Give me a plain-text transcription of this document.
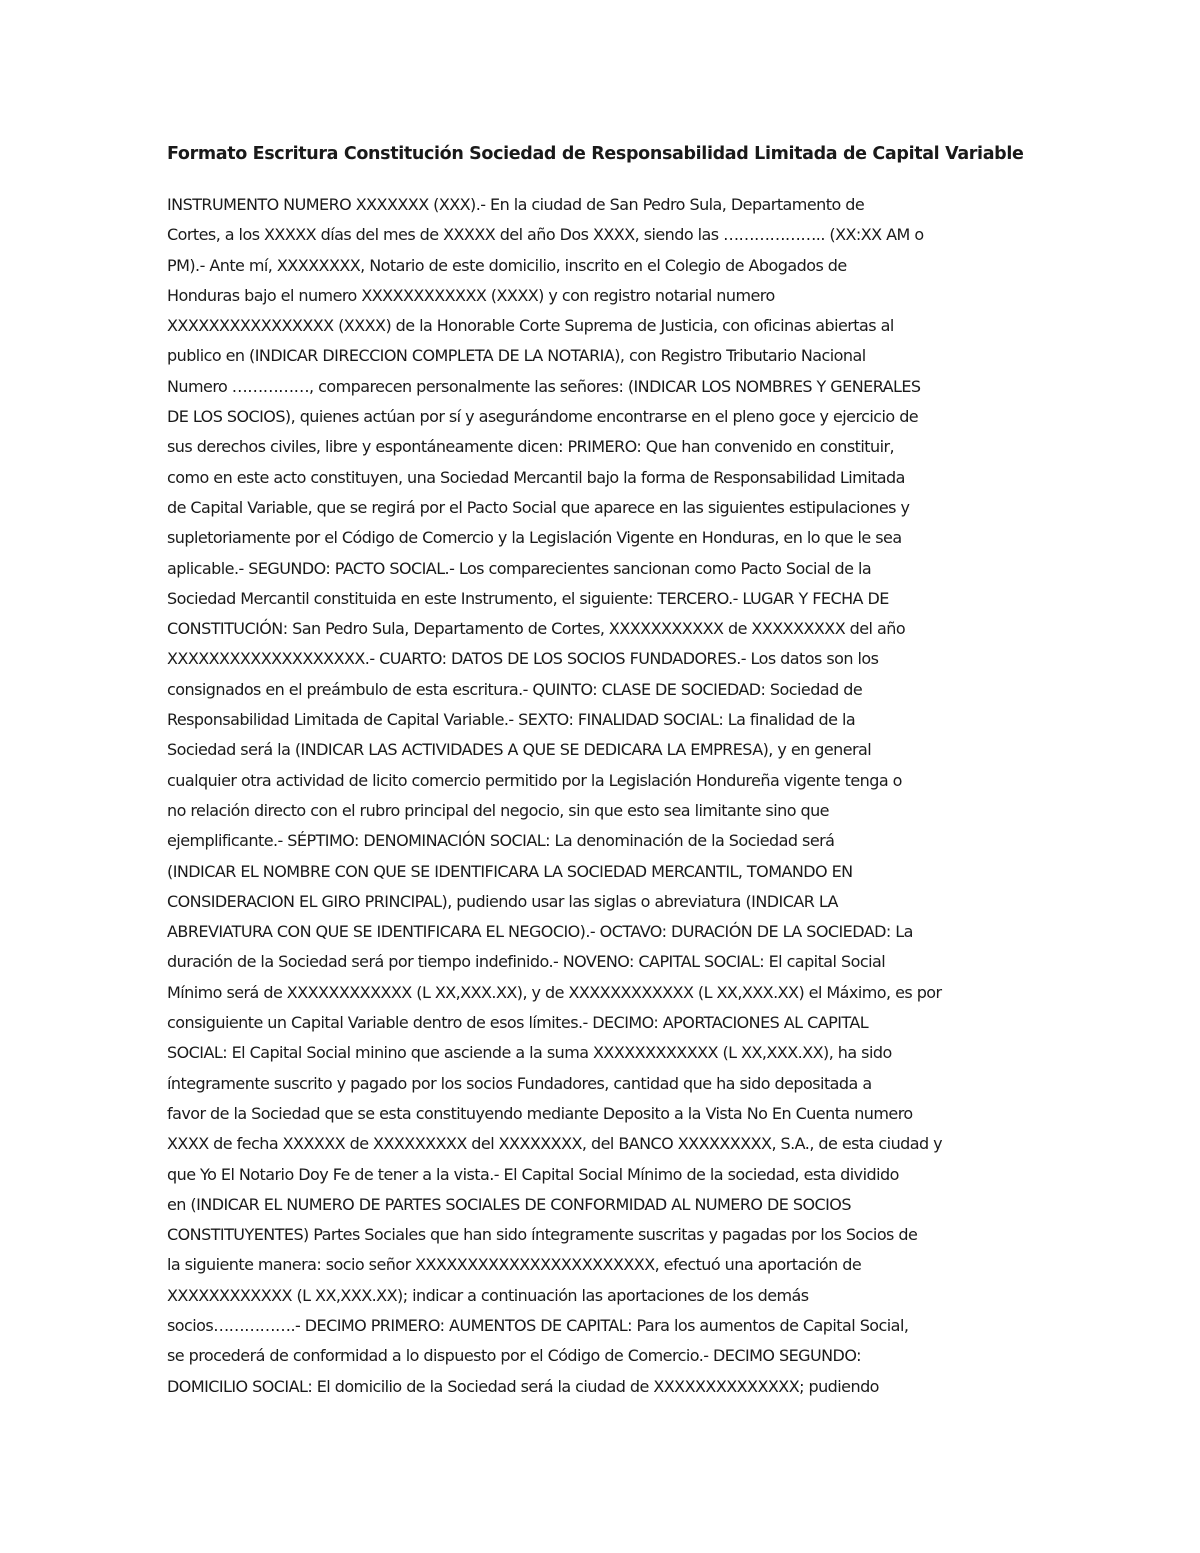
Formato Escritura Constitución Sociedad de Responsabilidad Limitada de Capital Variable
INSTRUMENTO NUMERO XXXXXXX (XXX).- En la ciudad de San Pedro Sula, Departamento de
Cortes, a los XXXXX días del mes de XXXXX del año Dos XXXX, siendo las ……………….. (XX:XX AM o
PM).- Ante mí, XXXXXXXX, Notario de este domicilio, inscrito en el Colegio de Abogados de
Honduras bajo el numero XXXXXXXXXXXX (XXXX) y con registro notarial numero
XXXXXXXXXXXXXXXX (XXXX) de la Honorable Corte Suprema de Justicia, con oficinas abiertas al
publico en (INDICAR DIRECCION COMPLETA DE LA NOTARIA), con Registro Tributario Nacional
Numero ……………, comparecen personalmente las señores: (INDICAR LOS NOMBRES Y GENERALES
DE LOS SOCIOS), quienes actúan por sí y asegurándome encontrarse en el pleno goce y ejercicio de
sus derechos civiles, libre y espontáneamente dicen: PRIMERO: Que han convenido en constituir,
como en este acto constituyen, una Sociedad Mercantil bajo la forma de Responsabilidad Limitada
de Capital Variable, que se regirá por el Pacto Social que aparece en las siguientes estipulaciones y
supletoriamente por el Código de Comercio y la Legislación Vigente en Honduras, en lo que le sea
aplicable.- SEGUNDO: PACTO SOCIAL.- Los comparecientes sancionan como Pacto Social de la
Sociedad Mercantil constituida en este Instrumento, el siguiente: TERCERO.- LUGAR Y FECHA DE
CONSTITUCIÓN: San Pedro Sula, Departamento de Cortes, XXXXXXXXXXX de XXXXXXXXX del año
XXXXXXXXXXXXXXXXXXX.- CUARTO: DATOS DE LOS SOCIOS FUNDADORES.- Los datos son los
consignados en el preámbulo de esta escritura.- QUINTO: CLASE DE SOCIEDAD: Sociedad de
Responsabilidad Limitada de Capital Variable.- SEXTO: FINALIDAD SOCIAL: La finalidad de la
Sociedad será la (INDICAR LAS ACTIVIDADES A QUE SE DEDICARA LA EMPRESA), y en general
cualquier otra actividad de licito comercio permitido por la Legislación Hondureña vigente tenga o
no relación directo con el rubro principal del negocio, sin que esto sea limitante sino que
ejemplificante.- SÉPTIMO: DENOMINACIÓN SOCIAL: La denominación de la Sociedad será
(INDICAR EL NOMBRE CON QUE SE IDENTIFICARA LA SOCIEDAD MERCANTIL, TOMANDO EN
CONSIDERACION EL GIRO PRINCIPAL), pudiendo usar las siglas o abreviatura (INDICAR LA
ABREVIATURA CON QUE SE IDENTIFICARA EL NEGOCIO).- OCTAVO: DURACIÓN DE LA SOCIEDAD: La
duración de la Sociedad será por tiempo indefinido.- NOVENO: CAPITAL SOCIAL: El capital Social
Mínimo será de XXXXXXXXXXXX (L XX,XXX.XX), y de XXXXXXXXXXXX (L XX,XXX.XX) el Máximo, es por
consiguiente un Capital Variable dentro de esos límites.- DECIMO: APORTACIONES AL CAPITAL
SOCIAL: El Capital Social minino que asciende a la suma XXXXXXXXXXXX (L XX,XXX.XX), ha sido
íntegramente suscrito y pagado por los socios Fundadores, cantidad que ha sido depositada a
favor de la Sociedad que se esta constituyendo mediante Deposito a la Vista No En Cuenta numero
XXXX de fecha XXXXXX de XXXXXXXXX del XXXXXXXX, del BANCO XXXXXXXXX, S.A., de esta ciudad y
que Yo El Notario Doy Fe de tener a la vista.- El Capital Social Mínimo de la sociedad, esta dividido
en (INDICAR EL NUMERO DE PARTES SOCIALES DE CONFORMIDAD AL NUMERO DE SOCIOS
CONSTITUYENTES) Partes Sociales que han sido íntegramente suscritas y pagadas por los Socios de
la siguiente manera: socio señor XXXXXXXXXXXXXXXXXXXXXXX, efectuó una aportación de
XXXXXXXXXXXX (L XX,XXX.XX); indicar a continuación las aportaciones de los demás
socios…………….- DECIMO PRIMERO: AUMENTOS DE CAPITAL: Para los aumentos de Capital Social,
se procederá de conformidad a lo dispuesto por el Código de Comercio.- DECIMO SEGUNDO:
DOMICILIO SOCIAL: El domicilio de la Sociedad será la ciudad de XXXXXXXXXXXXXX; pudiendo
